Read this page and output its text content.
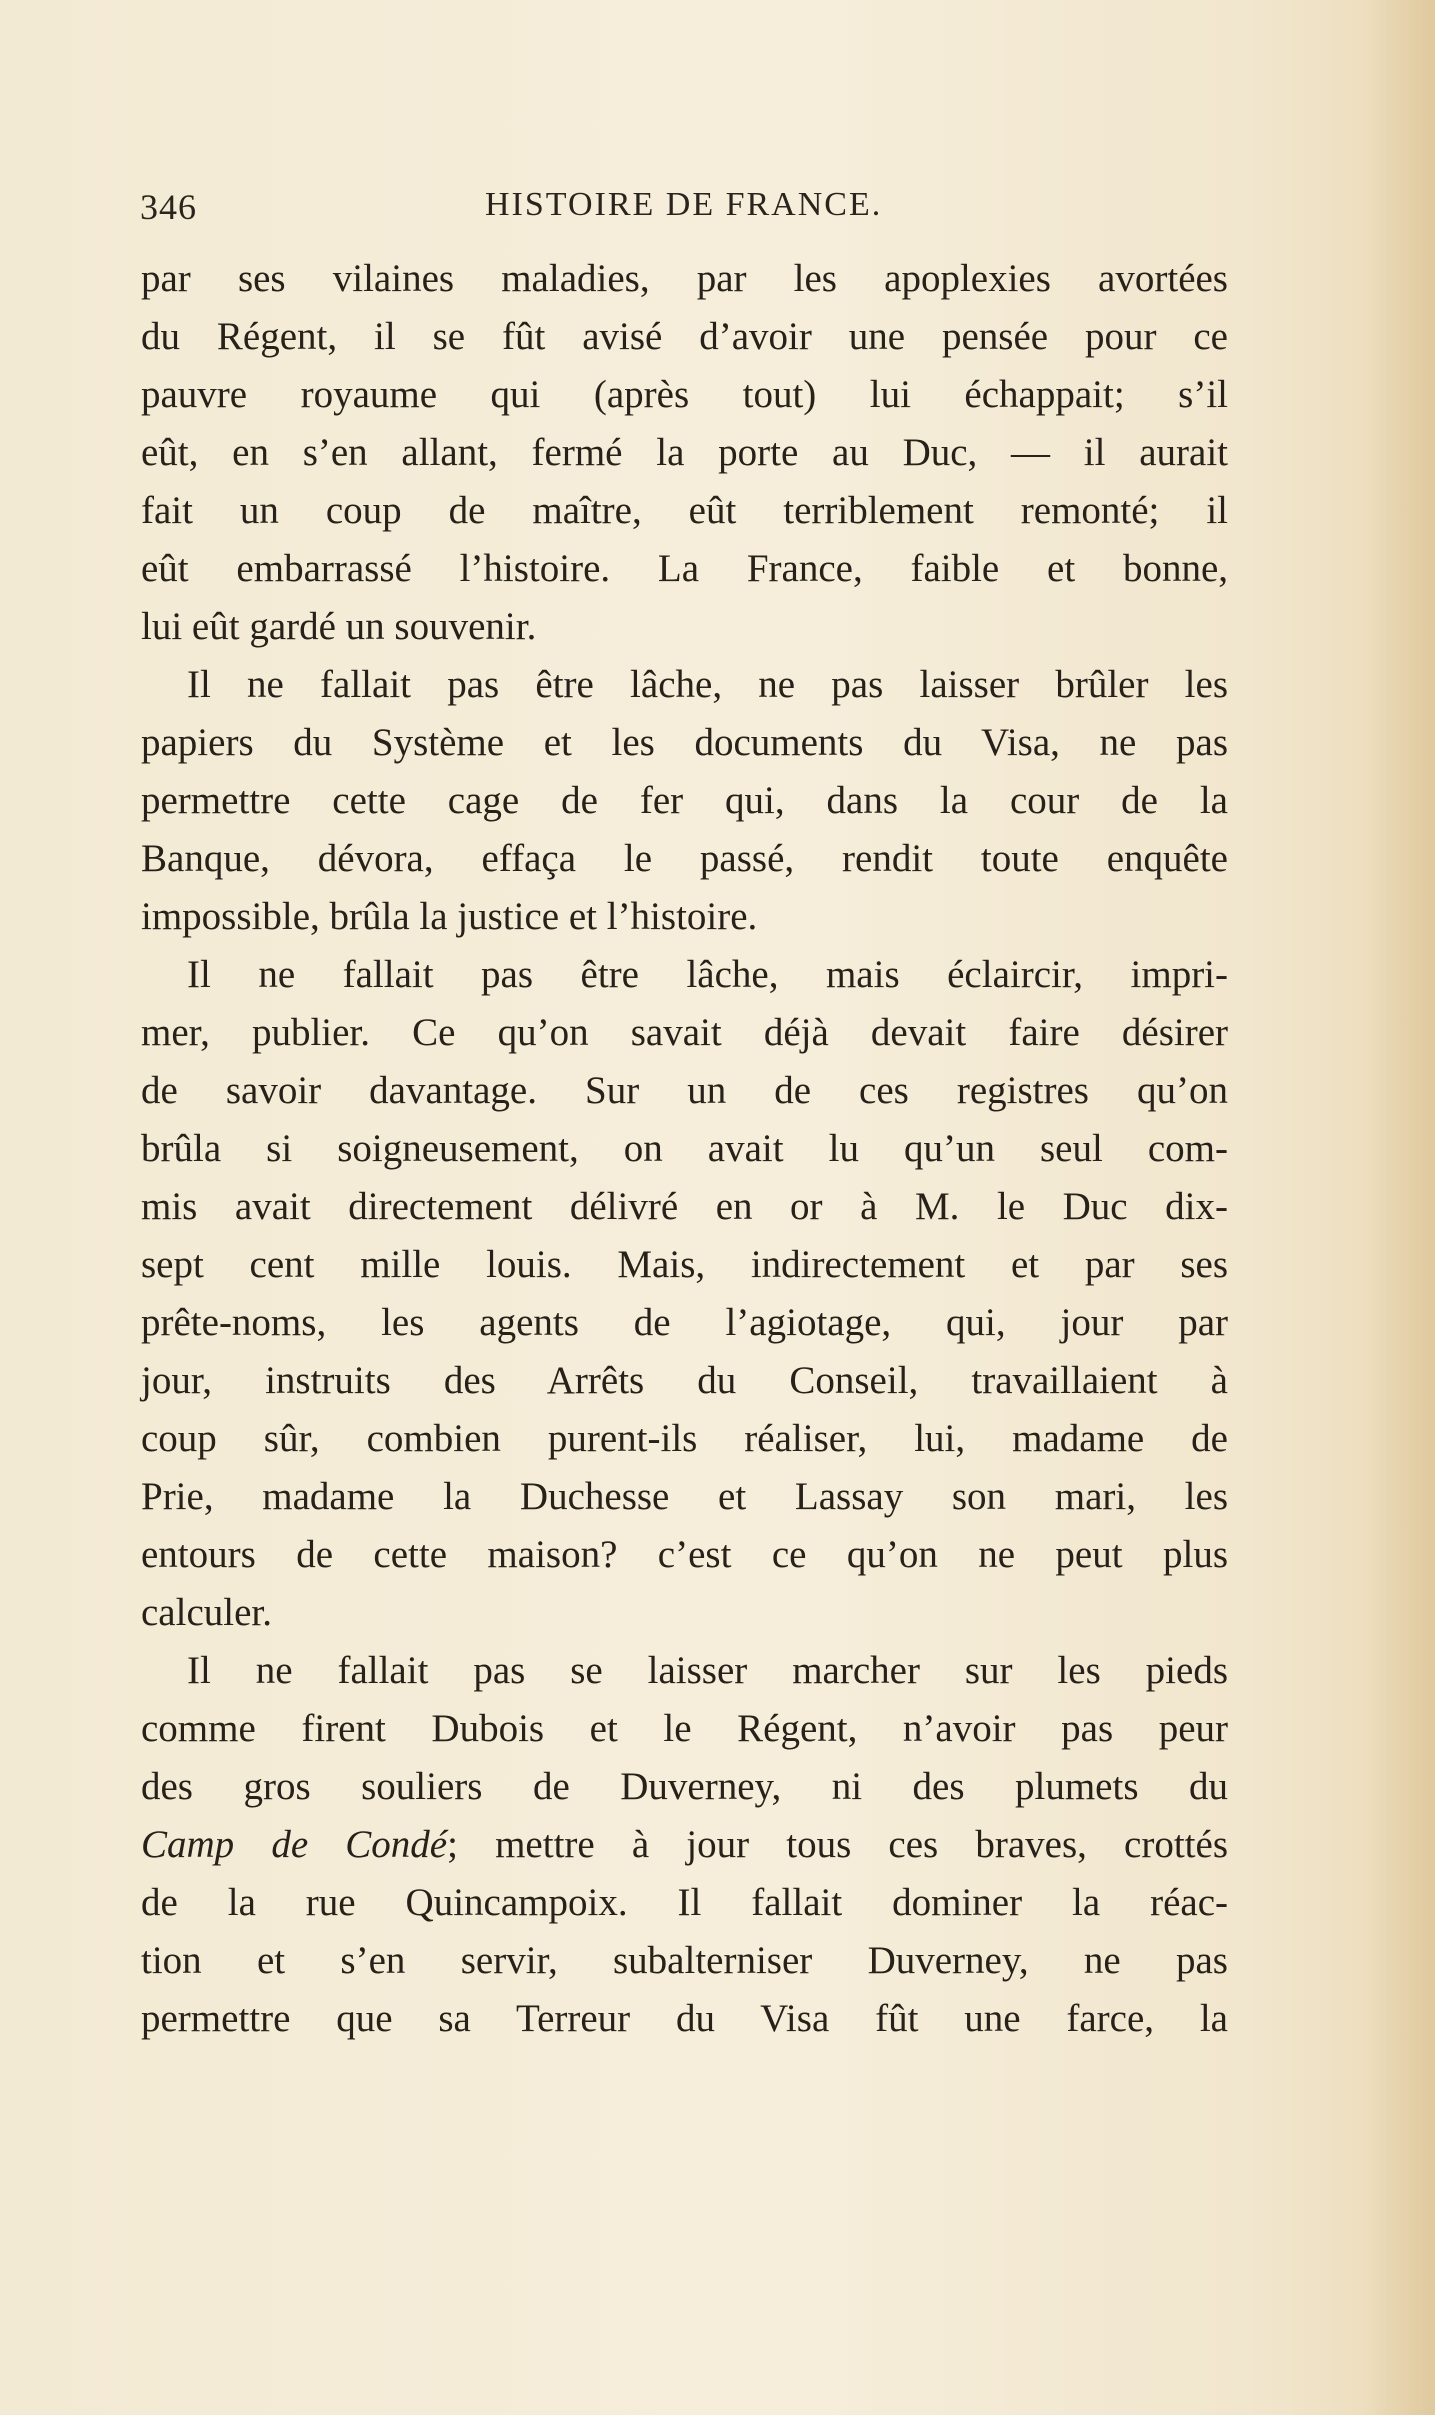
346	HISTOIRE DE FRANCE.
par ses vilaines maladies, par les apoplexies avortées
du Régent, il se fût avisé d’avoir une pensée pour ce
pauvre royaume qui (après tout) lui échappait; s’il
eût, en s’en allant, fermé la porte au Duc, — il aurait
fait un coup de maître, eût terriblement remonté; il
eût embarrassé l’histoire. La France, faible et bonne,
lui eût gardé un souvenir.
Il ne fallait pas être lâche, ne pas laisser brûler les
papiers du Système et les documents du Visa, ne pas
permettre cette cage de fer qui, dans la cour de la
Banque, dévora, effaça le passé, rendit toute enquête
impossible, brûla la justice et l’histoire.
Il ne fallait pas être lâche, mais éclaircir, impri-
mer, publier. Ce qu’on savait déjà devait faire désirer
de savoir davantage. Sur un de ces registres qu’on
brûla si soigneusement, on avait lu qu’un seul com-
mis avait directement délivré en or à M. le Duc dix-
sept cent mille louis. Mais, indirectement et par ses
prête-noms, les agents de l’agiotage, qui, jour par
jour, instruits des Arrêts du Conseil, travaillaient à
coup sûr, combien purent-ils réaliser, lui, madame de
Prie, madame la Duchesse et Lassay son mari, les
entours de cette maison? c’est ce qu’on ne peut plus
calculer.
Il ne fallait pas se laisser marcher sur les pieds
comme firent Dubois et le Régent, n’avoir pas peur
des gros souliers de Duverney, ni des plumets du
Camp de Condé; mettre à jour tous ces braves, crottés
de la rue Quincampoix. Il fallait dominer la réac-
tion et s’en servir, subalterniser Duverney, ne pas
permettre que sa Terreur du Visa fût une farce, la
